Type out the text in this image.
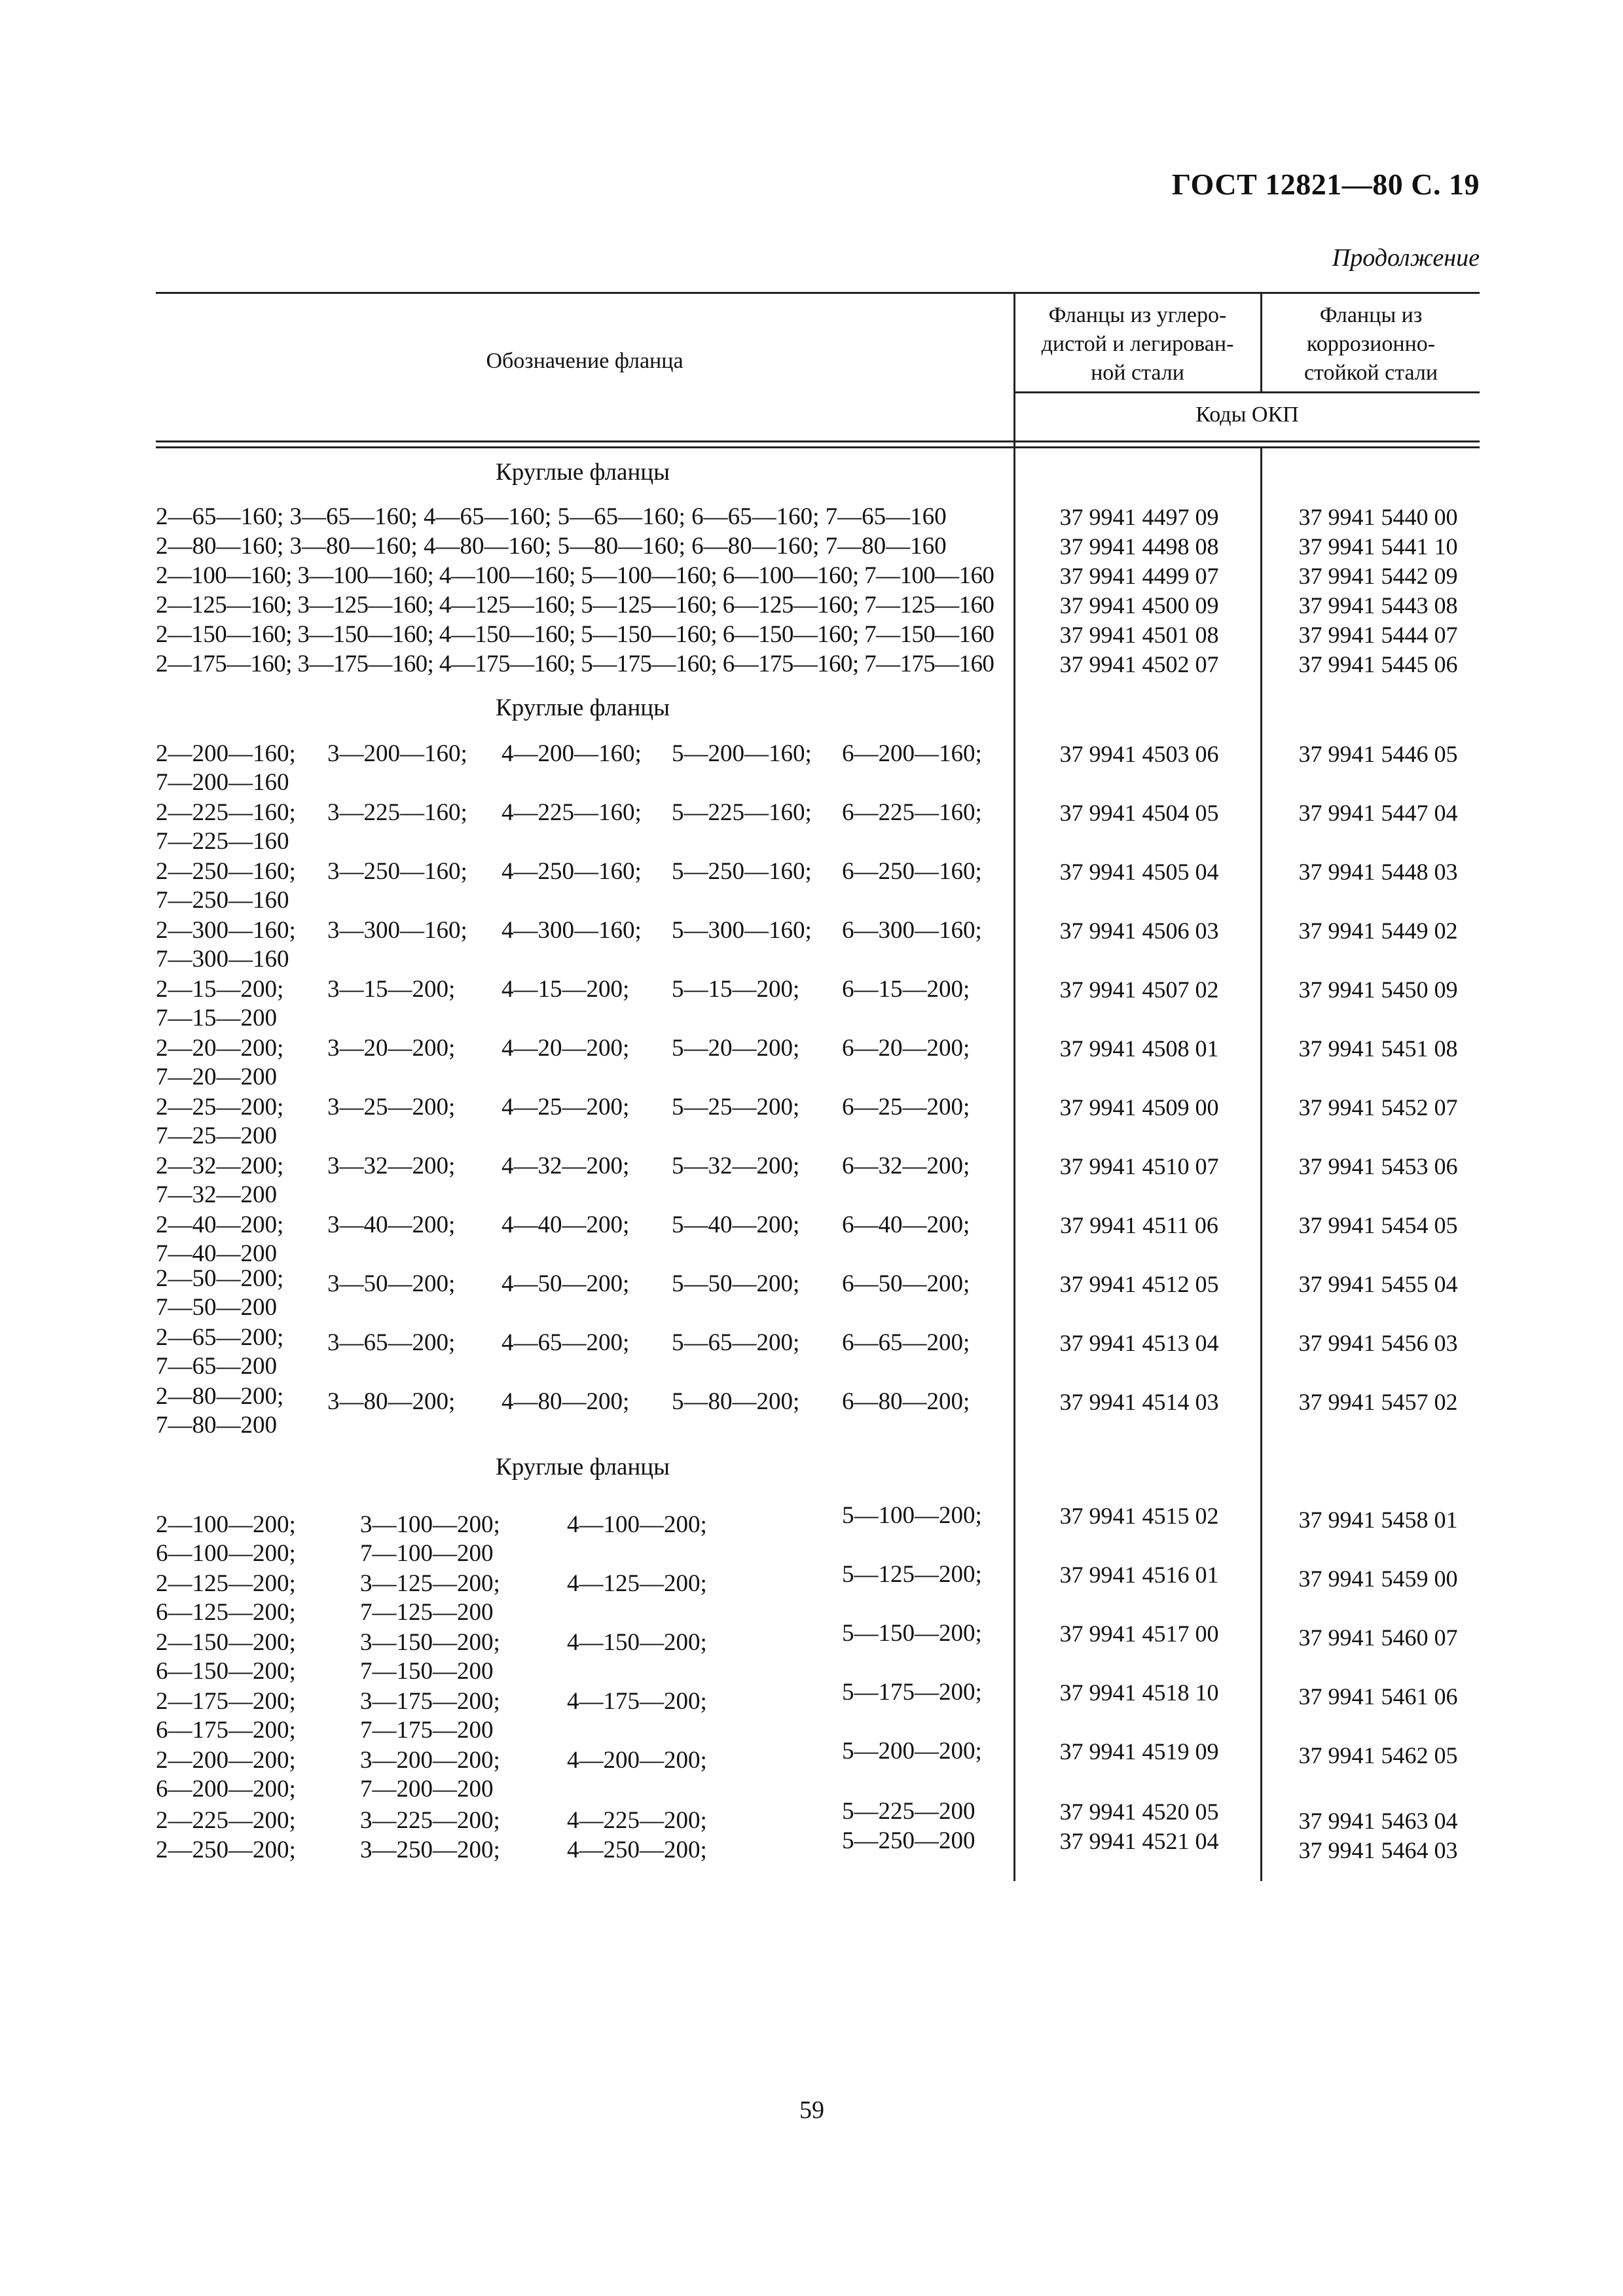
ГОСТ 12821—80 С. 19
Продолжение
Обозначение фланца
Фланцы из углеро-
дистой и легирован-
ной стали
Фланцы из
коррозионно-
стойкой стали
Коды ОКП
Круглые фланцы
2—65—160; 3—65—160; 4—65—160; 5—65—160; 6—65—160; 7—65—160	37 9941 4497 09	37 9941 5440 00
2—80—160; 3—80—160; 4—80—160; 5—80—160; 6—80—160; 7—80—160	37 9941 4498 08	37 9941 5441 10
2—100—160; 3—100—160; 4—100—160; 5—100—160; 6—100—160; 7—100—160	37 9941 4499 07	37 9941 5442 09
2—125—160; 3—125—160; 4—125—160; 5—125—160; 6—125—160; 7—125—160	37 9941 4500 09	37 9941 5443 08
2—150—160; 3—150—160; 4—150—160; 5—150—160; 6—150—160; 7—150—160	37 9941 4501 08	37 9941 5444 07
2—175—160; 3—175—160; 4—175—160; 5—175—160; 6—175—160; 7—175—160	37 9941 4502 07	37 9941 5445 06
Круглые фланцы
2—200—160; 3—200—160; 4—200—160; 5—200—160; 6—200—160;
7—200—160
37 9941 4503 06	37 9941 5446 05
2—225—160; 3—225—160; 4—225—160; 5—225—160; 6—225—160;
7—225—160
37 9941 4504 05	37 9941 5447 04
2—250—160; 3—250—160; 4—250—160; 5—250—160; 6—250—160;
7—250—160
37 9941 4505 04	37 9941 5448 03
2—300—160; 3—300—160; 4—300—160; 5—300—160; 6—300—160;
7—300—160
37 9941 4506 03	37 9941 5449 02
2—15—200; 3—15—200; 4—15—200; 5—15—200; 6—15—200;
7—15—200
37 9941 4507 02	37 9941 5450 09
2—20—200; 3—20—200; 4—20—200; 5—20—200; 6—20—200;
7—20—200
37 9941 4508 01	37 9941 5451 08
2—25—200; 3—25—200; 4—25—200; 5—25—200; 6—25—200;
7—25—200
37 9941 4509 00	37 9941 5452 07
2—32—200; 3—32—200; 4—32—200; 5—32—200; 6—32—200;
7—32—200
37 9941 4510 07	37 9941 5453 06
2—40—200; 3—40—200; 4—40—200; 5—40—200; 6—40—200;
7—40—200
37 9941 4511 06	37 9941 5454 05
2—50—200; 3—50—200; 4—50—200; 5—50—200; 6—50—200;
7—50—200
37 9941 4512 05	37 9941 5455 04
2—65—200; 3—65—200; 4—65—200; 5—65—200; 6—65—200;
7—65—200
37 9941 4513 04	37 9941 5456 03
2—80—200; 3—80—200; 4—80—200; 5—80—200; 6—80—200;
7—80—200
37 9941 4514 03	37 9941 5457 02
Круглые фланцы
2—100—200;	3—100—200;	4—100—200;	5—100—200;
6—100—200;	7—100—200
37 9941 4515 02	37 9941 5458 01
2—125—200;	3—125—200;	4—125—200;	5—125—200;
6—125—200;	7—125—200
37 9941 4516 01	37 9941 5459 00
2—150—200;	3—150—200;	4—150—200;	5—150—200;
6—150—200;	7—150—200
37 9941 4517 00	37 9941 5460 07
2—175—200;	3—175—200;	4—175—200;	5—175—200;
6—175—200;	7—175—200
37 9941 4518 10	37 9941 5461 06
2—200—200;	3—200—200;	4—200—200;	5—200—200;
6—200—200;	7—200—200
37 9941 4519 09	37 9941 5462 05
2—225—200;	3—225—200;	4—225—200;	5—225—200	37 9941 4520 05	37 9941 5463 04
2—250—200;	3—250—200;	4—250—200;	5—250—200	37 9941 4521 04	37 9941 5464 03
59
